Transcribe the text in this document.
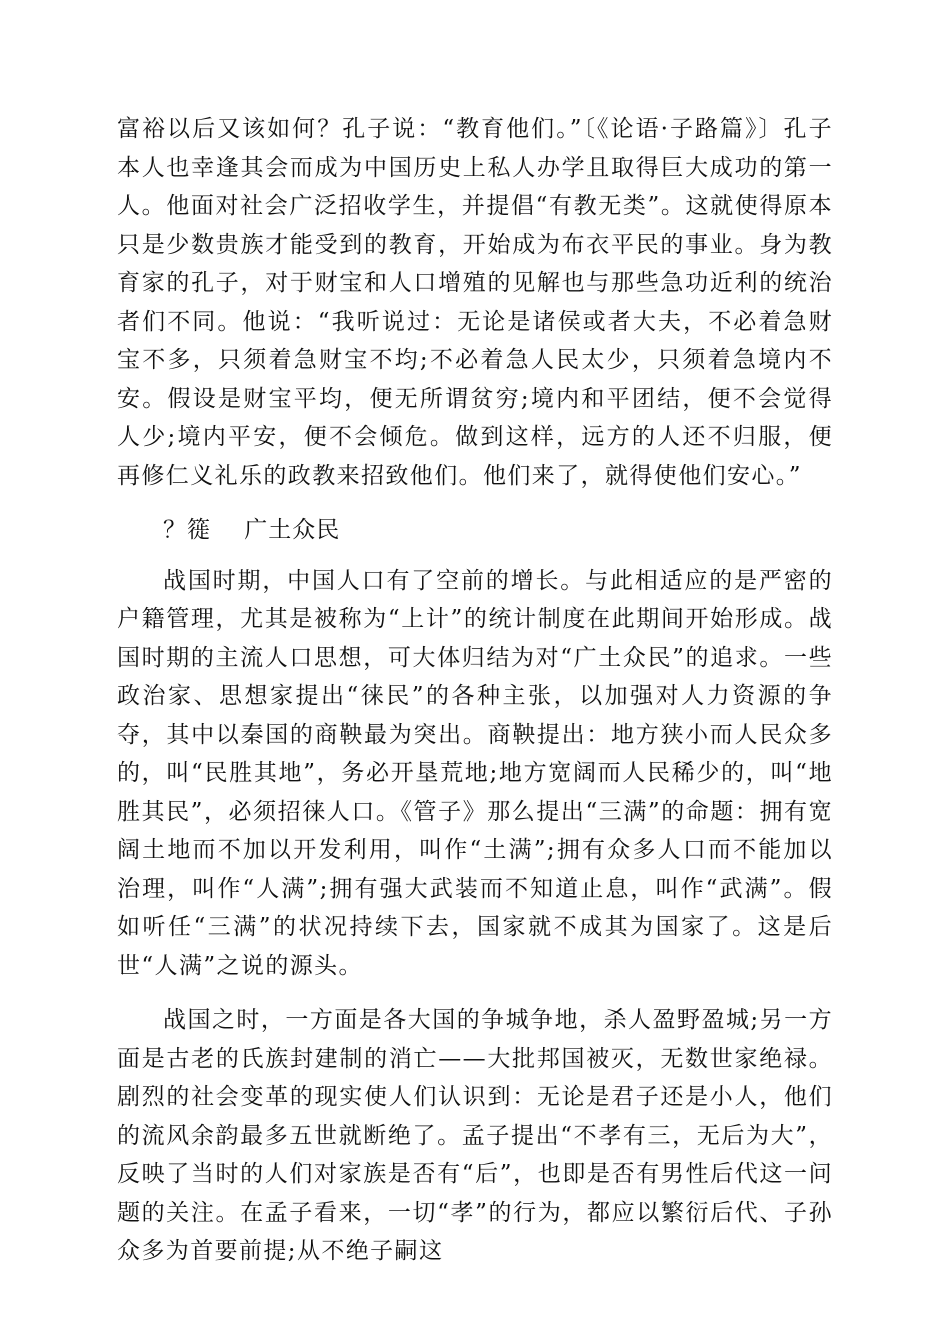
富裕以后又该如何？孔子说：“教育他们。”〔《论语·子路篇》〕孔子本人也幸逢其会而成为中国历史上私人办学且取得巨大成功的第一人。他面对社会广泛招收学生，并提倡“有教无类”。这就使得原本只是少数贵族才能受到的教育，开始成为布衣平民的事业。身为教育家的孔子，对于财宝和人口增殖的见解也与那些急功近利的统治者们不同。他说：“我听说过：无论是诸侯或者大夫，不必着急财宝不多，只须着急财宝不均;不必着急人民太少，只须着急境内不安。假设是财宝平均，便无所谓贫穷;境内和平团结，便不会觉得人少;境内平安，便不会倾危。做到这样，远方的人还不归服，便再修仁义礼乐的政教来招致他们。他们来了，就得使他们安心。”

？簁 广土众民

战国时期，中国人口有了空前的增长。与此相适应的是严密的户籍管理，尤其是被称为“上计”的统计制度在此期间开始形成。战国时期的主流人口思想，可大体归结为对“广土众民”的追求。一些政治家、思想家提出“徕民”的各种主张，以加强对人力资源的争夺，其中以秦国的商鞅最为突出。商鞅提出：地方狭小而人民众多的，叫“民胜其地”，务必开垦荒地;地方宽阔而人民稀少的，叫“地胜其民”，必须招徕人口。《管子》那么提出“三满”的命题：拥有宽阔土地而不加以开发利用，叫作“土满”;拥有众多人口而不能加以治理，叫作“人满”;拥有强大武装而不知道止息，叫作“武满”。假如听任“三满”的状况持续下去，国家就不成其为国家了。这是后世“人满”之说的源头。

战国之时，一方面是各大国的争城争地，杀人盈野盈城;另一方面是古老的氏族封建制的消亡——大批邦国被灭，无数世家绝禄。剧烈的社会变革的现实使人们认识到：无论是君子还是小人，他们的流风余韵最多五世就断绝了。孟子提出“不孝有三，无后为大”，反映了当时的人们对家族是否有“后”，也即是否有男性后代这一问题的关注。在孟子看来，一切“孝”的行为，都应以繁衍后代、子孙众多为首要前提;从不绝子嗣这
